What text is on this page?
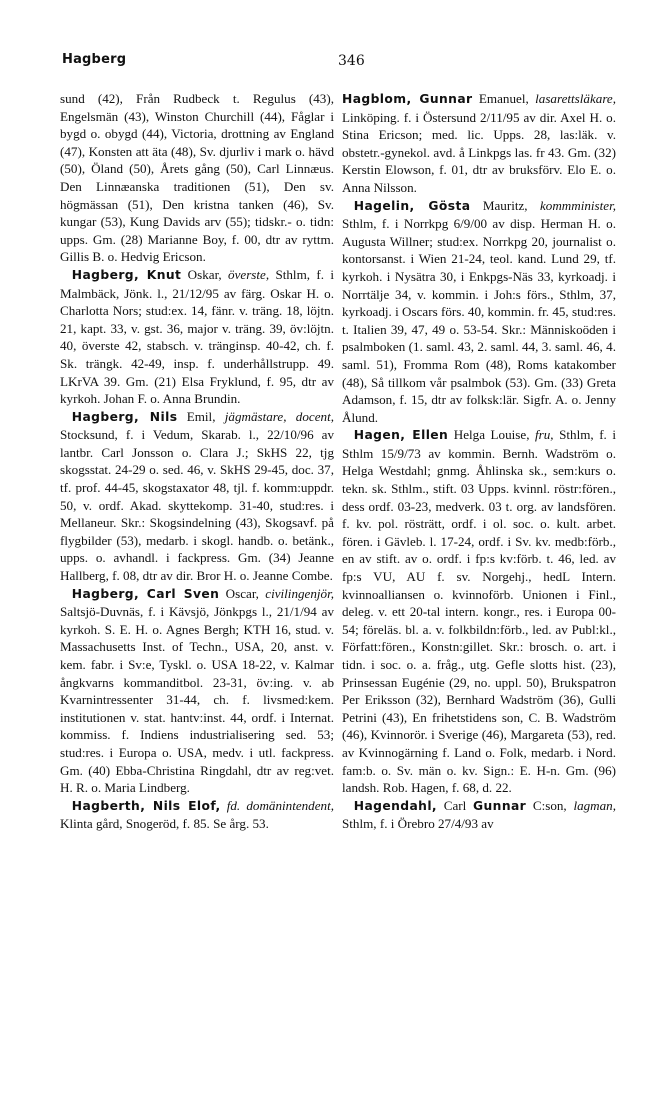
Hagberg	346

sund (42), Från Rudbeck t. Regulus (43), Engelsmän (43), Winston Churchill (44), Fåglar i bygd o. obygd (44), Victoria, drottning av England (47), Konsten att äta (48), Sv. djurliv i mark o. hävd (50), Öland (50), Årets gång (50), Carl Linnæus. Den Linnæanska traditionen (51), Den sv. högmässan (51), Den kristna tanken (46), Sv. kungar (53), Kung Davids arv (55); tidskr.- o. tidn: upps. Gm. (28) Marianne Boy, f. 00, dtr av ryttm. Gillis B. o. Hedvig Ericson.

Hagberg, Knut Oskar, överste, Sthlm, f. i Malmbäck, Jönk. l., 21/12/95 av färg. Oskar H. o. Charlotta Nors; stud:ex. 14, fänr. v. träng. 18, löjtn. 21, kapt. 33, v. gst. 36, major v. träng. 39, öv:löjtn. 40, överste 42, stabsch. v. tränginsp. 40-42, ch. f. Sk. trängk. 42-49, insp. f. underhållstrupp. 49. LKrVA 39. Gm. (21) Elsa Fryklund, f. 95, dtr av kyrkoh. Johan F. o. Anna Brundin.

Hagberg, Nils Emil, jägmästare, docent, Stocksund, f. i Vedum, Skarab. l., 22/10/96 av lantbr. Carl Jonsson o. Clara J.; SkHS 22, tjg skogsstat. 24-29 o. sed. 46, v. SkHS 29-45, doc. 37, tf. prof. 44-45, skogstaxator 48, tjl. f. komm:uppdr. 50, v. ordf. Akad. skyttekomp. 31-40, stud:res. i Mellaneur. Skr.: Skogsindelning (43), Skogsavf. på flygbilder (53), medarb. i skogl. handb. o. betänk., upps. o. avhandl. i fackpress. Gm. (34) Jeanne Hallberg, f. 08, dtr av dir. Bror H. o. Jeanne Combe.

Hagberg, Carl Sven Oscar, civilingenjör, Saltsjö-Duvnäs, f. i Kävsjö, Jönkpgs l., 21/1/94 av kyrkoh. S. E. H. o. Agnes Bergh; KTH 16, stud. v. Massachusetts Inst. of Techn., USA, 20, anst. v. kem. fabr. i Sv:e, Tyskl. o. USA 18-22, v. Kalmar ångkvarns kommanditbol. 23-31, öv:ing. v. ab Kvarnintressenter 31-44, ch. f. livsmed:kem. institutionen v. stat. hantv:inst. 44, ordf. i Internat. kommiss. f. Indiens industrialisering sed. 53; stud:res. i Europa o. USA, medv. i utl. fackpress. Gm. (40) Ebba-Christina Ringdahl, dtr av reg:vet. H. R. o. Maria Lindberg.

Hagberth, Nils Elof, fd. domänintendent, Klinta gård, Snogeröd, f. 85. Se årg. 53.

Hagblom, Gunnar Emanuel, lasarettsläkare, Linköping. f. i Östersund 2/11/95 av dir. Axel H. o. Stina Ericson; med. lic. Upps. 28, las:läk. v. obstetr.-gynekol. avd. å Linkpgs las. fr 43. Gm. (32) Kerstin Elowson, f. 01, dtr av bruksförv. Elo E. o. Anna Nilsson.

Hagelin, Gösta Mauritz, kommminister, Sthlm, f. i Norrkpg 6/9/00 av disp. Herman H. o. Augusta Willner; stud:ex. Norrkpg 20, journalist o. kontorsanst. i Wien 21-24, teol. kand. Lund 29, tf. kyrkoh. i Nysätra 30, i Enkpgs-Näs 33, kyrkoadj. i Norrtälje 34, v. kommin. i Joh:s förs., Sthlm, 37, kyrkoadj. i Oscars förs. 40, kommin. fr. 45, stud:res. t. Italien 39, 47, 49 o. 53-54. Skr.: Människoöden i psalmboken (1. saml. 43, 2. saml. 44, 3. saml. 46, 4. saml. 51), Fromma Rom (48), Roms katakomber (48), Så tillkom vår psalmbok (53). Gm. (33) Greta Adamson, f. 15, dtr av folksk:lär. Sigfr. A. o. Jenny Ålund.

Hagen, Ellen Helga Louise, fru, Sthlm, f. i Sthlm 15/9/73 av kommin. Bernh. Wadström o. Helga Westdahl; gnmg. Åhlinska sk., sem:kurs o. tekn. sk. Sthlm., stift. 03 Upps. kvinnl. röstr:fören., dess ordf. 03-23, medverk. 03 t. org. av landsfören. f. kv. pol. rösträtt, ordf. i ol. soc. o. kult. arbet. fören. i Gävleb. l. 17-24, ordf. i Sv. kv. medb:förb., en av stift. av o. ordf. i fp:s kv:förb. t. 46, led. av fp:s VU, AU f. sv. Norgehj., hedL Intern. kvinnoalliansen o. kvinnoförb. Unionen i Finl., deleg. v. ett 20-tal intern. kongr., res. i Europa 00-54; föreläs. bl. a. v. folkbildn:förb., led. av Publ:kl., Författ:fören., Konstn:gillet. Skr.: brosch. o. art. i tidn. i soc. o. a. fråg., utg. Gefle slotts hist. (23), Prinsessan Eugénie (29, no. uppl. 50), Brukspatron Per Eriksson (32), Bernhard Wadström (36), Gulli Petrini (43), En frihetstidens son, C. B. Wadström (46), Kvinnorör. i Sverige (46), Margareta (53), red. av Kvinnogärning f. Land o. Folk, medarb. i Nord. fam:b. o. Sv. män o. kv. Sign.: E. H-n. Gm. (96) landsh. Rob. Hagen, f. 68, d. 22.

Hagendahl, Carl Gunnar C:son, lagman, Sthlm, f. i Örebro 27/4/93 av
